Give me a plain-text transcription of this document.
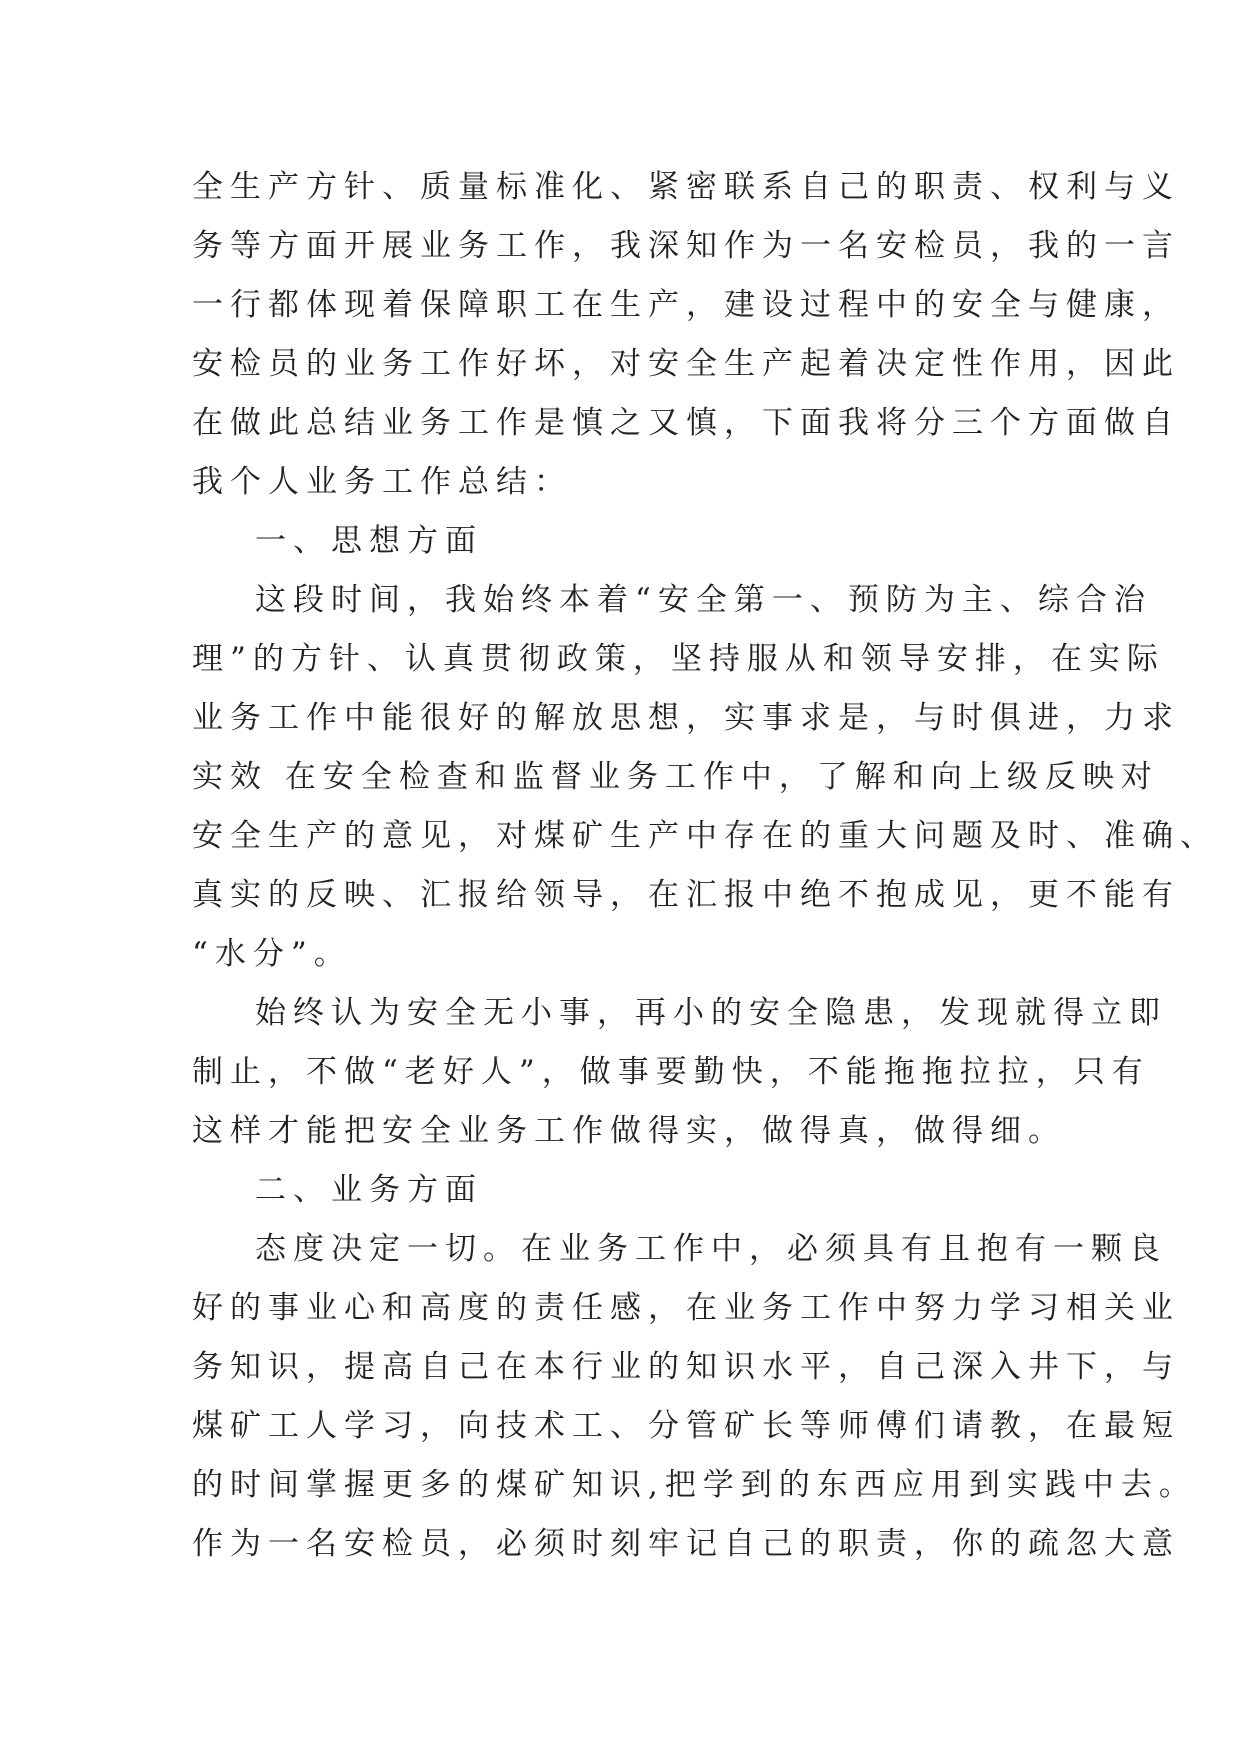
全生产方针、质量标准化、紧密联系自己的职责、权利与义
务等方面开展业务工作，我深知作为一名安检员，我的一言
一行都体现着保障职工在生产，建设过程中的安全与健康，
安检员的业务工作好坏，对安全生产起着决定性作用，因此
在做此总结业务工作是慎之又慎，下面我将分三个方面做自
我个人业务工作总结：
一、思想方面
这段时间，我始终本着“安全第一、预防为主、综合治
理”的方针、认真贯彻政策，坚持服从和领导安排，在实际
业务工作中能很好的解放思想，实事求是，与时俱进，力求
实效 在安全检查和监督业务工作中，了解和向上级反映对
安全生产的意见，对煤矿生产中存在的重大问题及时、准确、
真实的反映、汇报给领导，在汇报中绝不抱成见，更不能有
“水分”。
始终认为安全无小事，再小的安全隐患，发现就得立即
制止，不做“老好人”，做事要勤快，不能拖拖拉拉，只有
这样才能把安全业务工作做得实，做得真，做得细。
二、业务方面
态度决定一切。在业务工作中，必须具有且抱有一颗良
好的事业心和高度的责任感，在业务工作中努力学习相关业
务知识，提高自己在本行业的知识水平，自己深入井下，与
煤矿工人学习，向技术工、分管矿长等师傅们请教，在最短
的时间掌握更多的煤矿知识,把学到的东西应用到实践中去。
作为一名安检员，必须时刻牢记自己的职责，你的疏忽大意
